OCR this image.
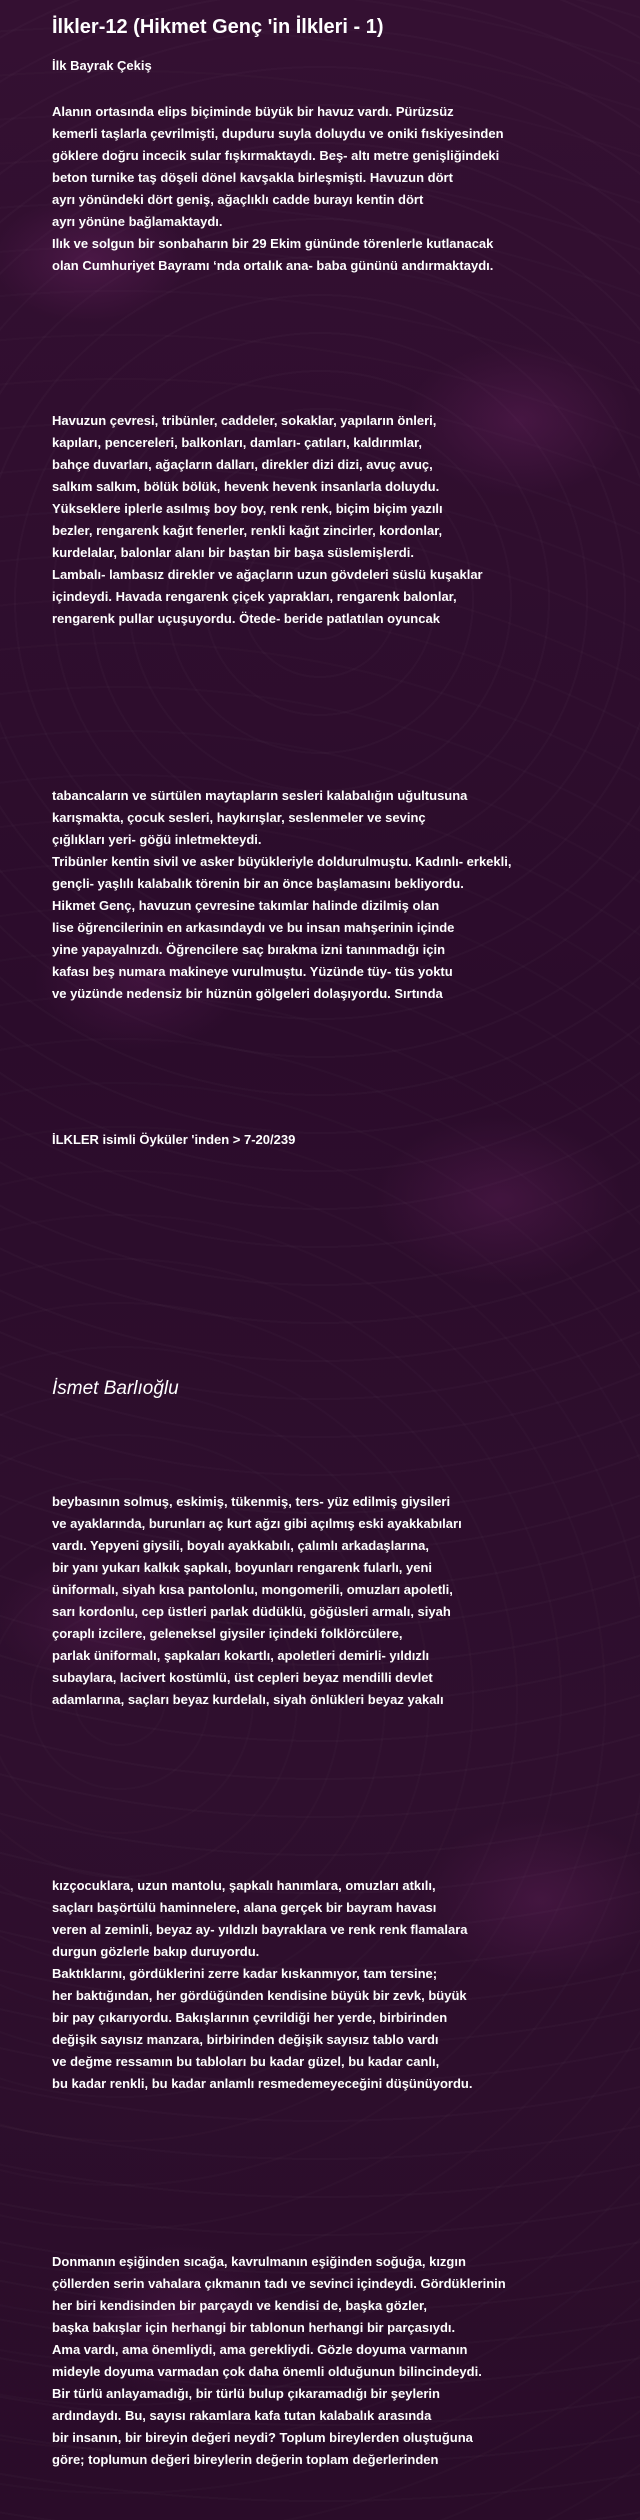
İlkler-12 (Hikmet Genç 'in İlkleri - 1)
İlk Bayrak Çekiş
Alanın ortasında elips biçiminde büyük bir havuz vardı. Pürüzsüz
kemerli taşlarla çevrilmişti, dupduru suyla doluydu ve oniki fıskiyesinden
göklere doğru incecik sular fışkırmaktaydı. Beş- altı metre genişliğindeki
beton turnike taş döşeli dönel kavşakla birleşmişti. Havuzun dört
ayrı yönündeki dört geniş, ağaçlıklı cadde burayı kentin dört
ayrı yönüne bağlamaktaydı.
Ilık ve solgun bir sonbaharın bir 29 Ekim gününde törenlerle kutlanacak
olan Cumhuriyet Bayramı ‘nda ortalık ana- baba gününü andırmaktaydı.
Havuzun çevresi, tribünler, caddeler, sokaklar, yapıların önleri,
kapıları, pencereleri, balkonları, damları- çatıları, kaldırımlar,
bahçe duvarları, ağaçların dalları, direkler dizi dizi, avuç avuç,
salkım salkım, bölük bölük, hevenk hevenk insanlarla doluydu.
Yükseklere iplerle asılmış boy boy, renk renk, biçim biçim yazılı
bezler, rengarenk kağıt fenerler, renkli kağıt zincirler, kordonlar,
kurdelalar, balonlar alanı bir baştan bir başa süslemişlerdi.
Lambalı- lambasız direkler ve ağaçların uzun gövdeleri süslü kuşaklar
içindeydi. Havada rengarenk çiçek yaprakları, rengarenk balonlar,
rengarenk pullar uçuşuyordu. Ötede- beride patlatılan oyuncak
tabancaların ve sürtülen maytapların sesleri kalabalığın uğultusuna
karışmakta, çocuk sesleri, haykırışlar, seslenmeler ve sevinç
çığlıkları yeri- göğü inletmekteydi.
Tribünler kentin sivil ve asker büyükleriyle doldurulmuştu. Kadınlı- erkekli,
gençli- yaşlılı kalabalık törenin bir an önce başlamasını bekliyordu.
Hikmet Genç, havuzun çevresine takımlar halinde dizilmiş olan
lise öğrencilerinin en arkasındaydı ve bu insan mahşerinin içinde
yine yapayalnızdı. Öğrencilere saç bırakma izni tanınmadığı için
kafası beş numara makineye vurulmuştu. Yüzünde tüy- tüs yoktu
ve yüzünde nedensiz bir hüznün gölgeleri dolaşıyordu. Sırtında
İLKLER isimli Öyküler 'inden > 7-20/239
İsmet Barlıoğlu
beybasının solmuş, eskimiş, tükenmiş, ters- yüz edilmiş giysileri
ve ayaklarında, burunları aç kurt ağzı gibi açılmış eski ayakkabıları
vardı. Yepyeni giysili, boyalı ayakkabılı, çalımlı arkadaşlarına,
bir yanı yukarı kalkık şapkalı, boyunları rengarenk fularlı, yeni
üniformalı, siyah kısa pantolonlu, mongomerili, omuzları apoletli,
sarı kordonlu, cep üstleri parlak düdüklü, göğüsleri armalı, siyah
çoraplı izcilere, geleneksel giysiler içindeki folklörcülere,
parlak üniformalı, şapkaları kokartlı, apoletleri demirli- yıldızlı
subaylara, lacivert kostümlü, üst cepleri beyaz mendilli devlet
adamlarına, saçları beyaz kurdelalı, siyah önlükleri beyaz yakalı
kızçocuklara, uzun mantolu, şapkalı hanımlara, omuzları atkılı,
saçları başörtülü haminnelere, alana gerçek bir bayram havası
veren al zeminli, beyaz ay- yıldızlı bayraklara ve renk renk flamalara
durgun gözlerle bakıp duruyordu.
Baktıklarını, gördüklerini zerre kadar kıskanmıyor, tam tersine;
her baktığından, her gördüğünden kendisine büyük bir zevk, büyük
bir pay çıkarıyordu. Bakışlarının çevrildiği her yerde, birbirinden
değişik sayısız manzara, birbirinden değişik sayısız tablo vardı
ve değme ressamın bu tabloları bu kadar güzel, bu kadar canlı,
bu kadar renkli, bu kadar anlamlı resmedemeyeceğini düşünüyordu.
Donmanın eşiğinden sıcağa, kavrulmanın eşiğinden soğuğa, kızgın
çöllerden serin vahalara çıkmanın tadı ve sevinci içindeydi. Gördüklerinin
her biri kendisinden bir parçaydı ve kendisi de, başka gözler,
başka bakışlar için herhangi bir tablonun herhangi bir parçasıydı.
Ama vardı, ama önemliydi, ama gerekliydi. Gözle doyuma varmanın
mideyle doyuma varmadan çok daha önemli olduğunun bilincindeydi.
Bir türlü anlayamadığı, bir türlü bulup çıkaramadığı bir şeylerin
ardındaydı. Bu, sayısı rakamlara kafa tutan kalabalık arasında
bir insanın, bir bireyin değeri neydi? Toplum bireylerden oluştuğuna
göre; toplumun değeri bireylerin değerin toplam değerlerinden
